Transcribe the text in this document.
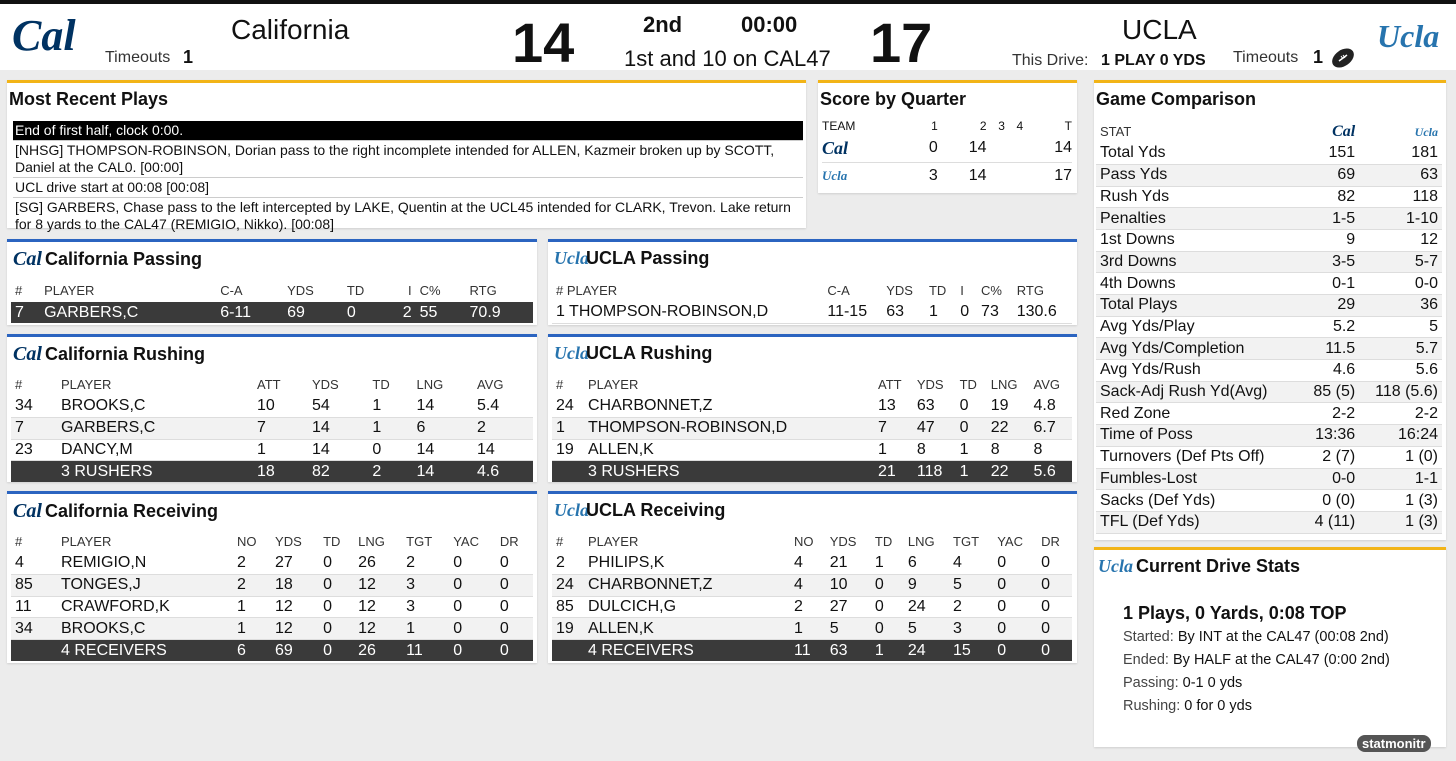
Cal Timeouts 1
California	14	2nd	00:00
1st and 10 on CAL47 17	UCLA
This Drive: 1 PLAY 0 YDS Timeouts 1
Ucla
Most Recent Plays
End of first half, clock 0:00.
[NHSG] THOMPSON-ROBINSON, Dorian pass to the right incomplete intended for ALLEN, Kazmeir broken up by SCOTT, Daniel at the CAL0. [00:00]
UCL drive start at 00:08 [00:08]
[SG] GARBERS, Chase pass to the left intercepted by LAKE, Quentin at the UCL45 intended for CLARK, Trevon. Lake return for 8 yards to the CAL47 (REMIGIO, Nikko). [00:08]
Score by Quarter
TEAM	1	2	3	4	T
Cal	0	14			14
Ucla	3	14			17
Cal California Passing
#	PLAYER	C-A	YDS	TD	I	C%	RTG
7	GARBERS,C	6-11	69	0	2	55	70.9
UclaUCLA Passing
# PLAYER	C-A	YDS	TD	I	C%	RTG
1 THOMPSON-ROBINSON,D	11-15	63	1	0	73	130.6
Cal California Rushing
#	PLAYER	ATT	YDS	TD	LNG	AVG
34	BROOKS,C	10	54	1	14	5.4
7	GARBERS,C	7	14	1	6	2
23	DANCY,M	1	14	0	14	14
	3 RUSHERS	18	82	2	14	4.6
UclaUCLA Rushing
#	PLAYER	ATT	YDS	TD	LNG	AVG
24	CHARBONNET,Z	13	63	0	19	4.8
1	THOMPSON-ROBINSON,D	7	47	0	22	6.7
19	ALLEN,K	1	8	1	8	8
	3 RUSHERS	21	118	1	22	5.6
Cal California Receiving
#	PLAYER	NO	YDS	TD	LNG	TGT	YAC	DR
4	REMIGIO,N	2	27	0	26	2	0	0
85	TONGES,J	2	18	0	12	3	0	0
11	CRAWFORD,K	1	12	0	12	3	0	0
34	BROOKS,C	1	12	0	12	1	0	0
	4 RECEIVERS	6	69	0	26	11	0	0
UclaUCLA Receiving
#	PLAYER	NO	YDS	TD	LNG	TGT	YAC	DR
2	PHILIPS,K	4	21	1	6	4	0	0
24	CHARBONNET,Z	4	10	0	9	5	0	0
85	DULCICH,G	2	27	0	24	2	0	0
19	ALLEN,K	1	5	0	5	3	0	0
	4 RECEIVERS	11	63	1	24	15	0	0
Game Comparison
STAT	Cal	Ucla
Total Yds	151	181
Pass Yds	69	63
Rush Yds	82	118
Penalties	1-5	1-10
1st Downs	9	12
3rd Downs	3-5	5-7
4th Downs	0-1	0-0
Total Plays	29	36
Avg Yds/Play	5.2	5
Avg Yds/Completion	11.5	5.7
Avg Yds/Rush	4.6	5.6
Sack-Adj Rush Yd(Avg)	85 (5)	118 (5.6)
Red Zone	2-2	2-2
Time of Poss	13:36	16:24
Turnovers (Def Pts Off)	2 (7)	1 (0)
Fumbles-Lost	0-0	1-1
Sacks (Def Yds)	0 (0)	1 (3)
TFL (Def Yds)	4 (11)	1 (3)
Ucla Current Drive Stats
1 Plays, 0 Yards, 0:08 TOP
Started: By INT at the CAL47 (00:08 2nd)
Ended: By HALF at the CAL47 (0:00 2nd)
Passing: 0-1 0 yds
Rushing: 0 for 0 yds
statmonitr
